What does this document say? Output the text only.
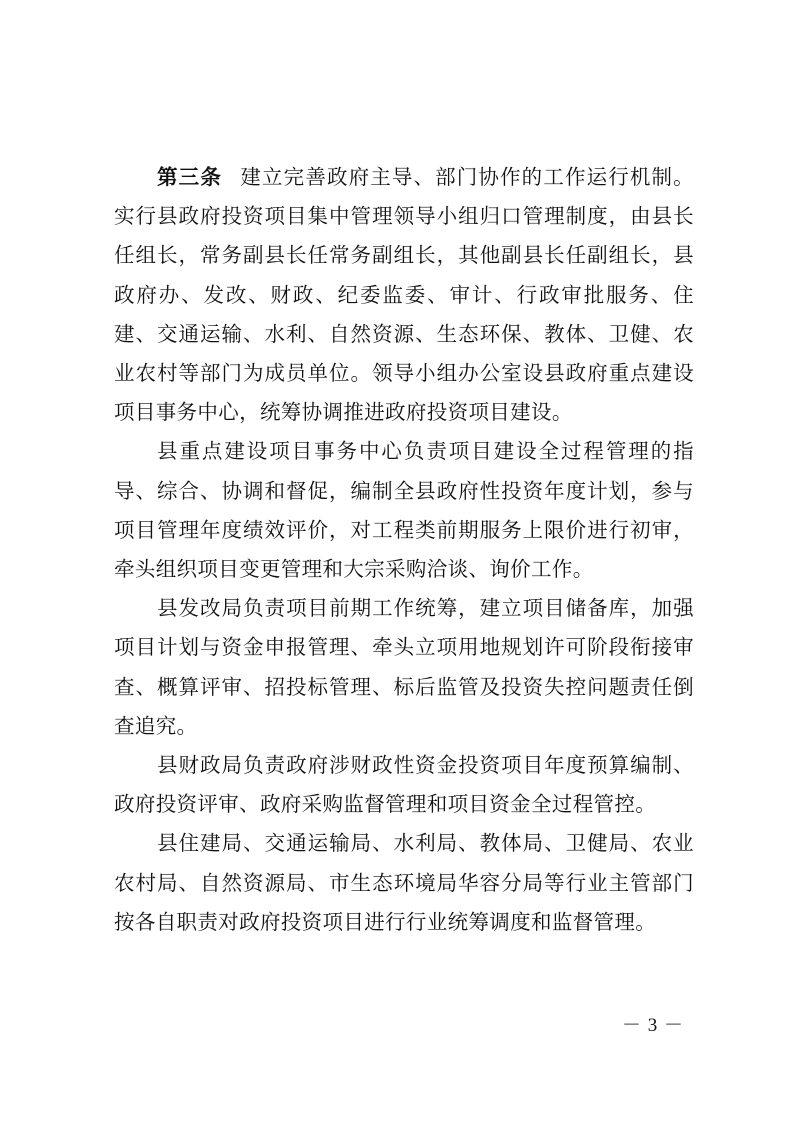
第三条 建立完善政府主导、部门协作的工作运行机制。实行县政府投资项目集中管理领导小组归口管理制度，由县长任组长，常务副县长任常务副组长，其他副县长任副组长，县政府办、发改、财政、纪委监委、审计、行政审批服务、住建、交通运输、水利、自然资源、生态环保、教体、卫健、农业农村等部门为成员单位。领导小组办公室设县政府重点建设项目事务中心，统筹协调推进政府投资项目建设。

县重点建设项目事务中心负责项目建设全过程管理的指导、综合、协调和督促，编制全县政府性投资年度计划，参与项目管理年度绩效评价，对工程类前期服务上限价进行初审，牵头组织项目变更管理和大宗采购洽谈、询价工作。

县发改局负责项目前期工作统筹，建立项目储备库，加强项目计划与资金申报管理、牵头立项用地规划许可阶段衔接审查、概算评审、招投标管理、标后监管及投资失控问题责任倒查追究。

县财政局负责政府涉财政性资金投资项目年度预算编制、政府投资评审、政府采购监督管理和项目资金全过程管控。

县住建局、交通运输局、水利局、教体局、卫健局、农业农村局、自然资源局、市生态环境局华容分局等行业主管部门按各自职责对政府投资项目进行行业统筹调度和监督管理。

－ 3 －
